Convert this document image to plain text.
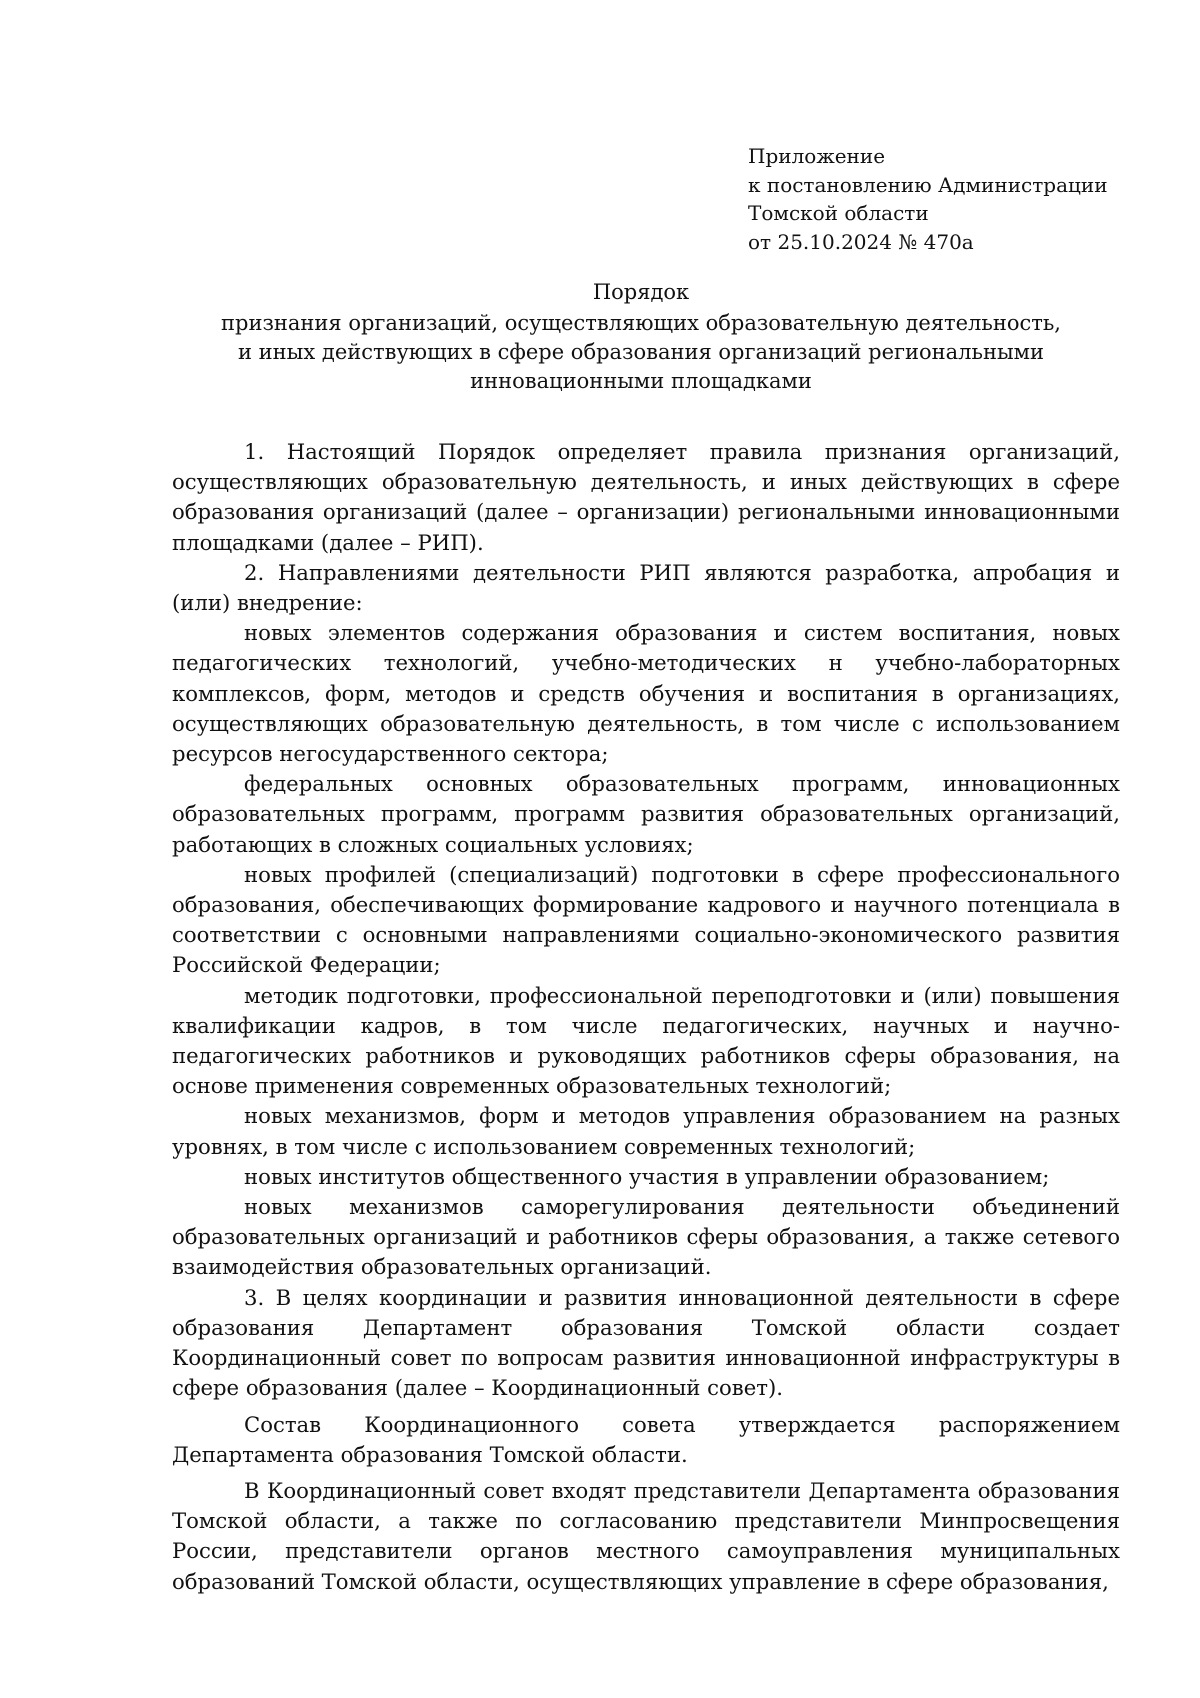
Приложение
к постановлению Администрации
Томской области
от 25.10.2024 № 470а
Порядок
признания организаций, осуществляющих образовательную деятельность,
и иных действующих в сфере образования организаций региональными
инновационными площадками

1. Настоящий Порядок определяет правила признания организаций, осуществляющих образовательную деятельность, и иных действующих в сфере образования организаций (далее – организации) региональными инновационными площадками (далее – РИП).

2. Направлениями деятельности РИП являются разработка, апробация и (или) внедрение:

новых элементов содержания образования и систем воспитания, новых педагогических технологий, учебно-методических н учебно-лабораторных комплексов, форм, методов и средств обучения и воспитания в организациях, осуществляющих образовательную деятельность, в том числе с использованием ресурсов негосударственного сектора;

федеральных основных образовательных программ, инновационных образовательных программ, программ развития образовательных организаций, работающих в сложных социальных условиях;

новых профилей (специализаций) подготовки в сфере профессионального образования, обеспечивающих формирование кадрового и научного потенциала в соответствии с основными направлениями социально-экономического развития Российской Федерации;

методик подготовки, профессиональной переподготовки и (или) повышения квалификации кадров, в том числе педагогических, научных и научно-педагогических работников и руководящих работников сферы образования, на основе применения современных образовательных технологий;

новых механизмов, форм и методов управления образованием на разных уровнях, в том числе с использованием современных технологий;

новых институтов общественного участия в управлении образованием;

новых механизмов саморегулирования деятельности объединений образовательных организаций и работников сферы образования, а также сетевого взаимодействия образовательных организаций.

3. В целях координации и развития инновационной деятельности в сфере образования Департамент образования Томской области создает Координационный совет по вопросам развития инновационной инфраструктуры в сфере образования (далее – Координационный совет).

Состав Координационного совета утверждается распоряжением Департамента образования Томской области.

В Координационный совет входят представители Департамента образования Томской области, а также по согласованию представители Минпросвещения России, представители органов местного самоуправления муниципальных образований Томской области, осуществляющих управление в сфере образования,
